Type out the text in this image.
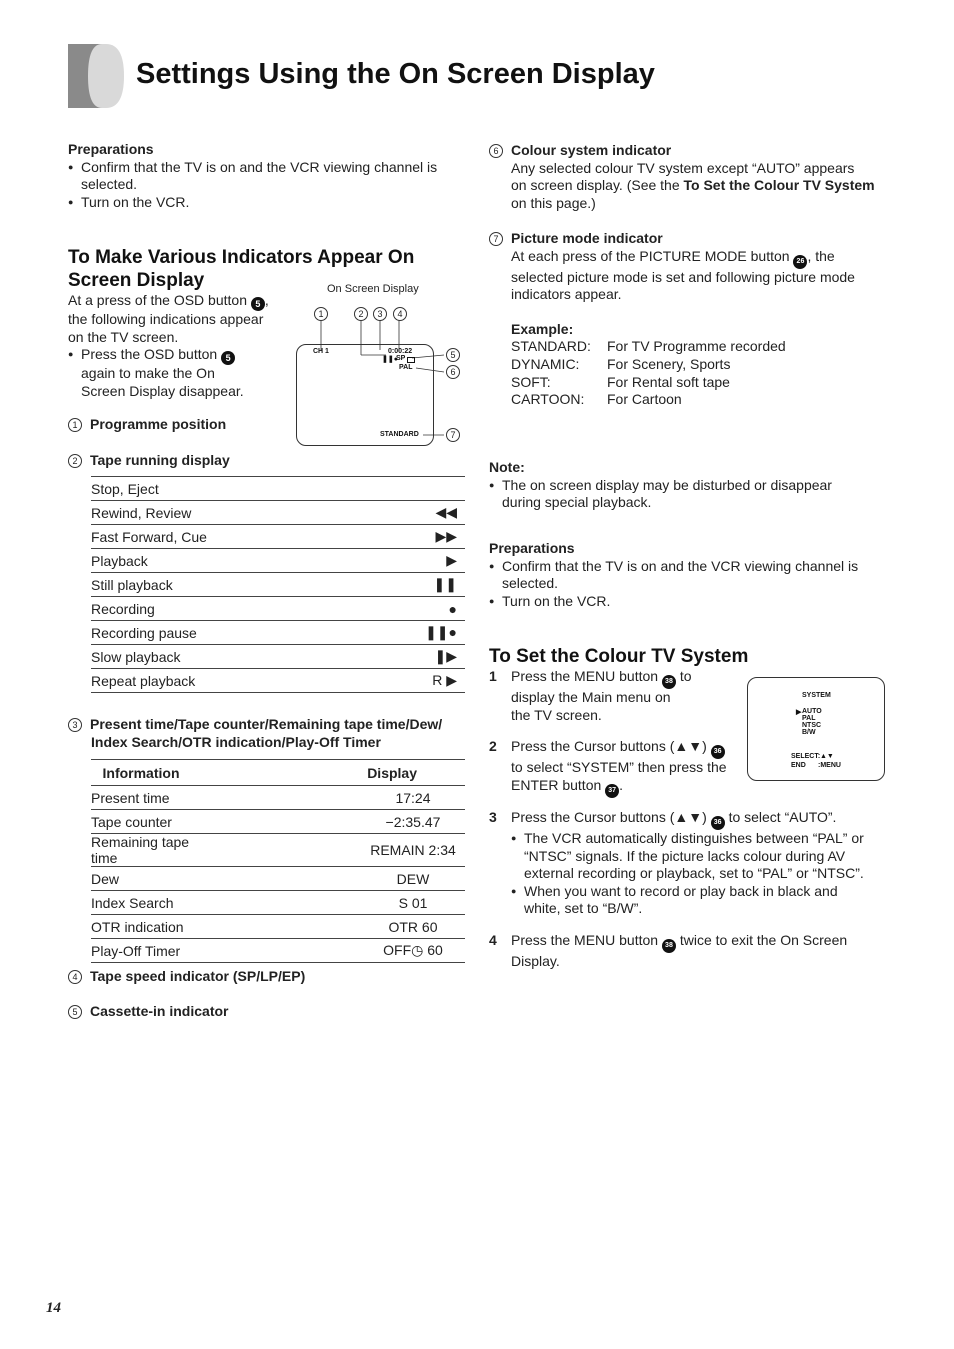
Settings Using the On Screen Display
Preparations
● Confirm that the TV is on and the VCR viewing channel is selected.
● Turn on the VCR.
To Make Various Indicators Appear On
Screen Display
At a press of the OSD button 5 ,
the following indications appear
on the TV screen.
● Press the OSD button 5
again to make the On
Screen Display disappear.
On Screen Display
1	2	3	4
5
6
7
CH 1	0:00:22
❚❚●
SP
PAL
STANDARD
1 Programme position
2 Tape running display
Stop, Eject	
Rewind, Review	◀◀
Fast Forward, Cue	▶▶
Playback	▶
Still playback	❚❚
Recording	●
Recording pause	❚❚●
Slow playback	❚▶
Repeat playback	R ▶
3 Present time/Tape counter/Remaining tape time/Dew/
Index Search/OTR indication/Play-Off Timer
Information	Display
Present time	17:24
Tape counter	−2:35.47
Remaining tape time	REMAIN 2:34
Dew	DEW
Index Search	S 01
OTR indication	OTR 60
Play-Off Timer	OFF◷ 60
4 Tape speed indicator (SP/LP/EP)
5 Cassette-in indicator
6 Colour system indicator
Any selected colour TV system except “AUTO” appears
on screen display. (See the To Set the Colour TV System
on this page.)
7 Picture mode indicator
At each press of the PICTURE MODE button 26 , the
selected picture mode is set and following picture mode
indicators appear.
Example:
STANDARD: For TV Programme recorded
DYNAMIC: For Scenery, Sports
SOFT:	For Rental soft tape
CARTOON: For Cartoon
Note:
● The on screen display may be disturbed or disappear
during special playback.
Preparations
● Confirm that the TV is on and the VCR viewing channel is selected.
● Turn on the VCR.
To Set the Colour TV System
SYSTEM
▶ AUTO
PAL
NTSC
B/W
SELECT: ▲▼
END :MENU
1 Press the MENU button 38 to
display the Main menu on
the TV screen.
2 Press the Cursor buttons (▲▼) 36
to select “SYSTEM” then press the
ENTER button 37 .
3 Press the Cursor buttons (▲▼) 36 to select “AUTO”.
● The VCR automatically distinguishes between “PAL” or
“NTSC” signals. If the picture lacks colour during AV
external recording or playback, set to “PAL” or “NTSC”.
● When you want to record or play back in black and
white, set to “B/W”.
4 Press the MENU button 38 twice to exit the On Screen
Display.
14
